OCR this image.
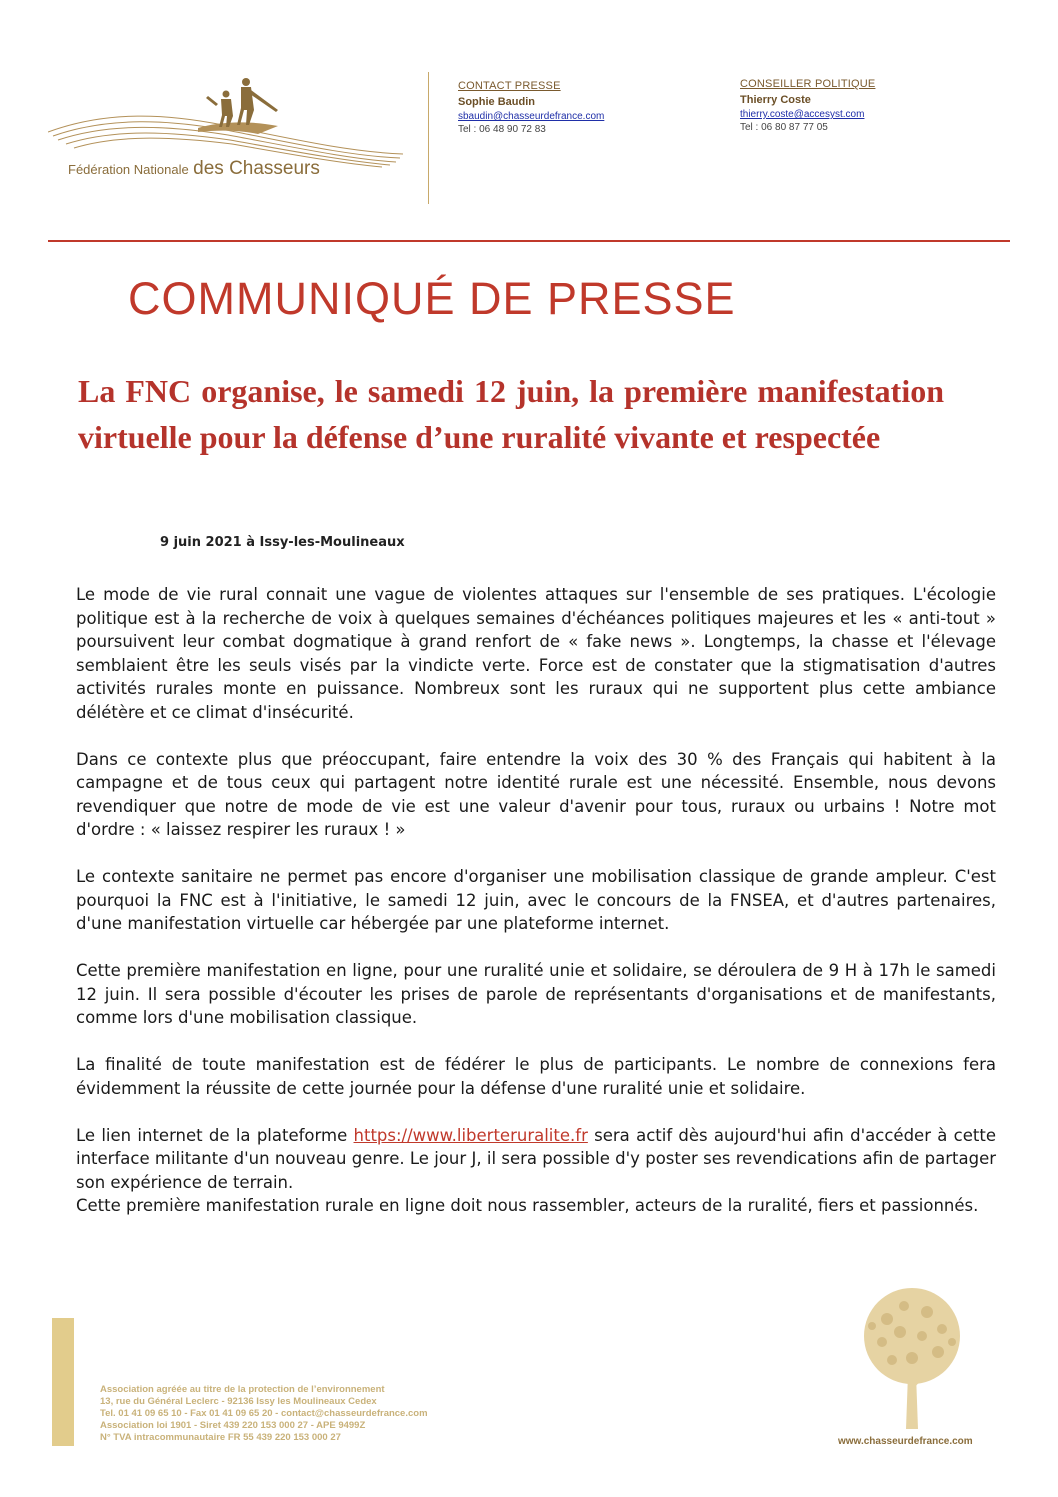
Fédération Nationale des Chasseurs
CONTACT PRESSE
Sophie Baudin
sbaudin@chasseurdefrance.com
Tel : 06 48 90 72 83
CONSEILLER POLITIQUE
Thierry Coste
thierry.coste@accesyst.com
Tel : 06 80 87 77 05
COMMUNIQUÉ DE PRESSE
La FNC organise, le samedi 12 juin, la première manifestation virtuelle pour la défense d’une ruralité vivante et respectée
9 juin 2021 à Issy-les-Moulineaux

Le mode de vie rural connait une vague de violentes attaques sur l'ensemble de ses pratiques. L'écologie politique est à la recherche de voix à quelques semaines d'échéances politiques majeures et les « anti-tout » poursuivent leur combat dogmatique à grand renfort de « fake news ». Longtemps, la chasse et l'élevage semblaient être les seuls visés par la vindicte verte. Force est de constater que la stigmatisation d'autres activités rurales monte en puissance. Nombreux sont les ruraux qui ne supportent plus cette ambiance délétère et ce climat d'insécurité.

Dans ce contexte plus que préoccupant, faire entendre la voix des 30 % des Français qui habitent à la campagne et de tous ceux qui partagent notre identité rurale est une nécessité. Ensemble, nous devons revendiquer que notre de mode de vie est une valeur d'avenir pour tous, ruraux ou urbains ! Notre mot d'ordre : « laissez respirer les ruraux ! »

Le contexte sanitaire ne permet pas encore d'organiser une mobilisation classique de grande ampleur. C'est pourquoi la FNC est à l'initiative, le samedi 12 juin, avec le concours de la FNSEA, et d'autres partenaires, d'une manifestation virtuelle car hébergée par une plateforme internet.

Cette première manifestation en ligne, pour une ruralité unie et solidaire, se déroulera de 9 H à 17h le samedi 12 juin. Il sera possible d'écouter les prises de parole de représentants d'organisations et de manifestants, comme lors d'une mobilisation classique.

La finalité de toute manifestation est de fédérer le plus de participants. Le nombre de connexions fera évidemment la réussite de cette journée pour la défense d'une ruralité unie et solidaire.

Le lien internet de la plateforme https://www.liberteruralite.fr sera actif dès aujourd'hui afin d'accéder à cette interface militante d'un nouveau genre. Le jour J, il sera possible d'y poster ses revendications afin de partager son expérience de terrain.

Cette première manifestation rurale en ligne doit nous rassembler, acteurs de la ruralité, fiers et passionnés.

Association agréée au titre de la protection de l’environnement
13, rue du Général Leclerc - 92136 Issy les Moulineaux Cedex
Tel. 01 41 09 65 10 - Fax 01 41 09 65 20 - contact@chasseurdefrance.com
Association loi 1901 - Siret 439 220 153 000 27 - APE 9499Z
N° TVA intracommunautaire FR 55 439 220 153 000 27	www.chasseurdefrance.com
